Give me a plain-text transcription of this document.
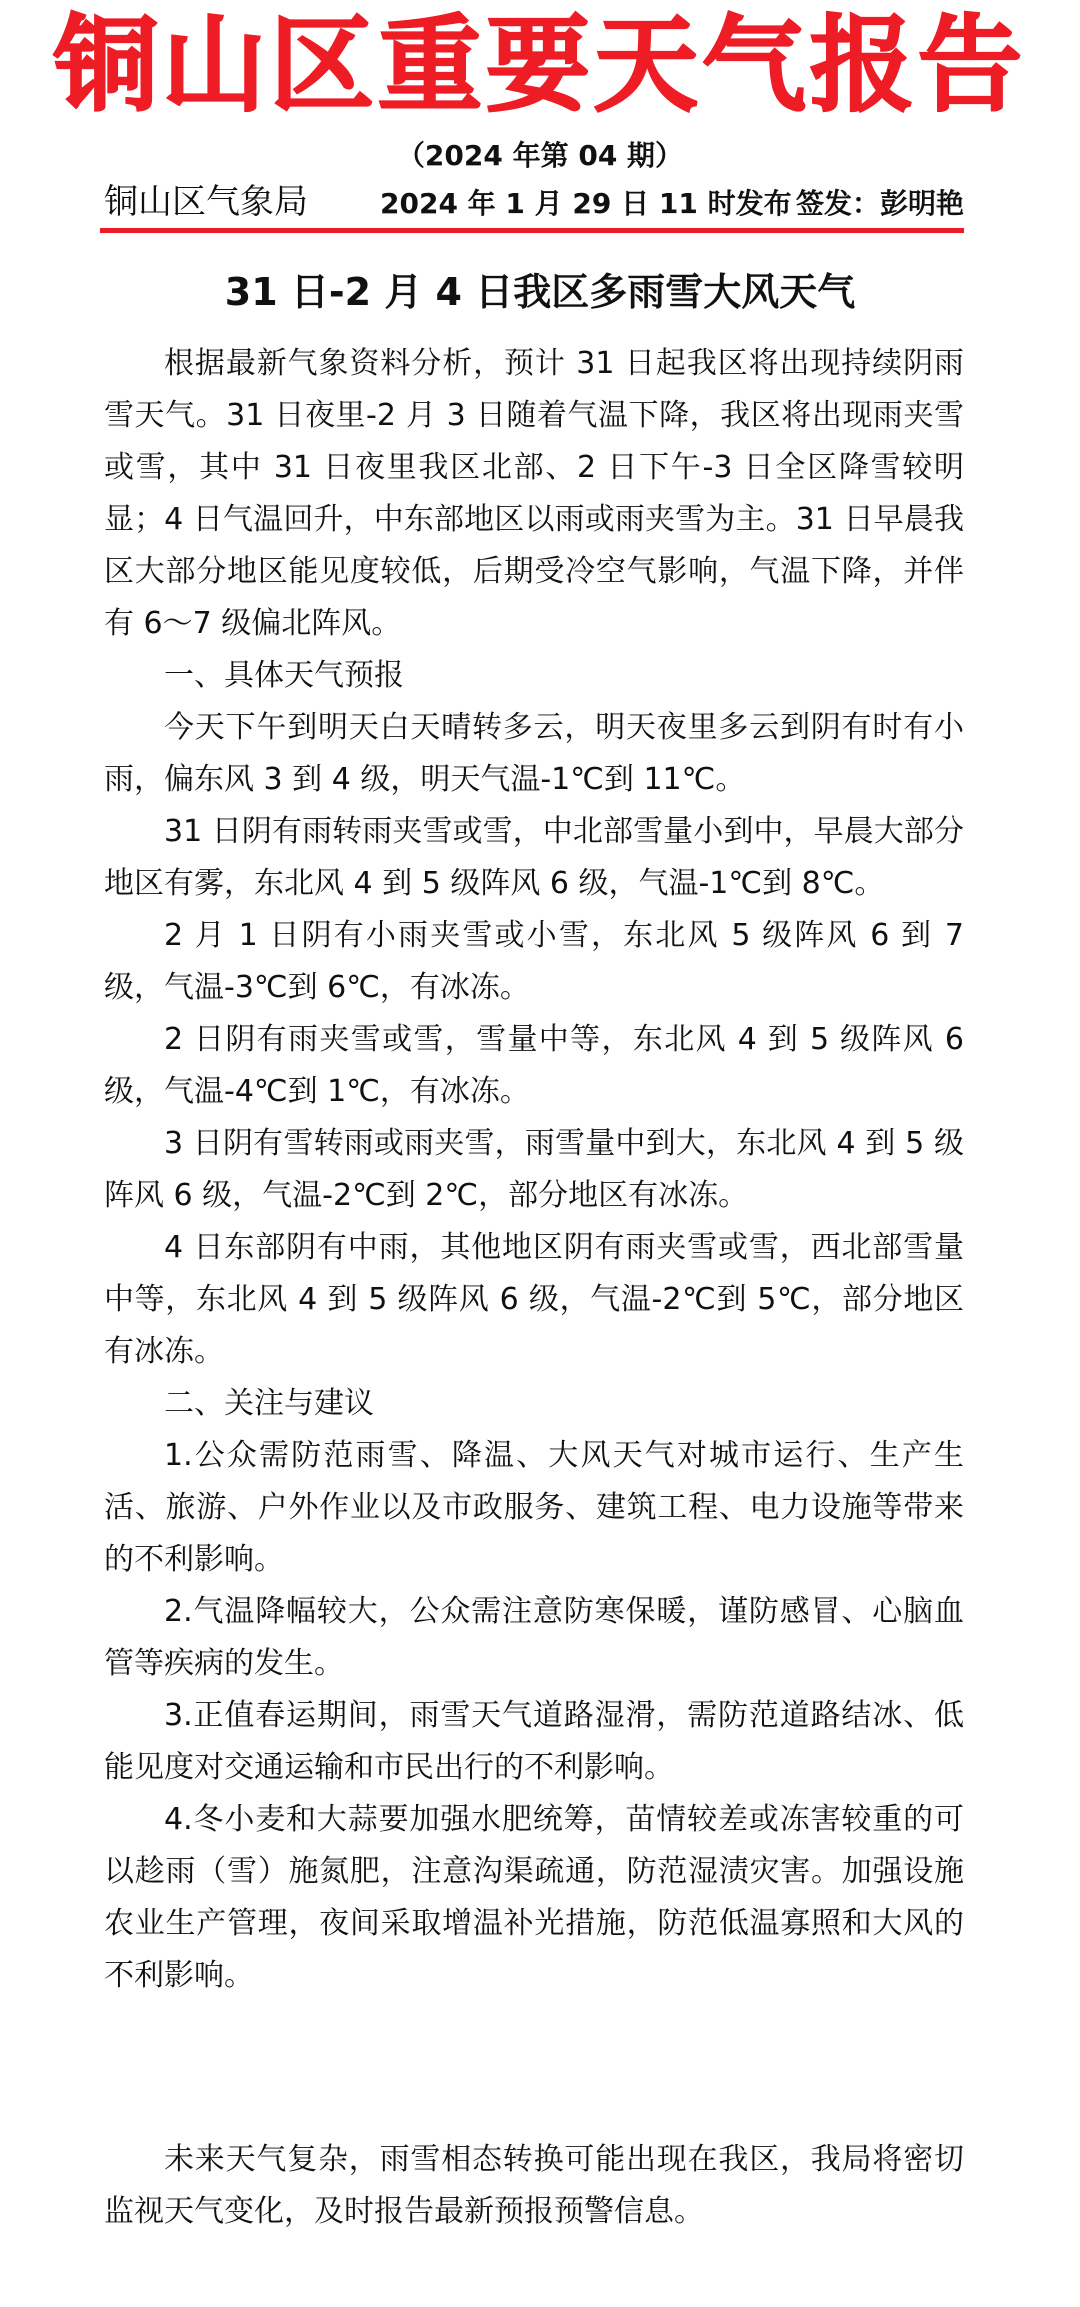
铜山区重要天气报告
（2024 年第 04 期）
铜山区气象局	2024 年 1 月 29 日 11 时发布 签发：彭明艳
31 日-2 月 4 日我区多雨雪大风天气

根据最新气象资料分析，预计 31 日起我区将出现持续阴雨雪天气。31 日夜里-2 月 3 日随着气温下降，我区将出现雨夹雪或雪，其中 31 日夜里我区北部、2 日下午-3 日全区降雪较明显；4 日气温回升，中东部地区以雨或雨夹雪为主。31 日早晨我区大部分地区能见度较低，后期受冷空气影响，气温下降，并伴有 6～7 级偏北阵风。

一、具体天气预报

今天下午到明天白天晴转多云，明天夜里多云到阴有时有小雨，偏东风 3 到 4 级，明天气温-1℃到 11℃。

31 日阴有雨转雨夹雪或雪，中北部雪量小到中，早晨大部分地区有雾，东北风 4 到 5 级阵风 6 级，气温-1℃到 8℃。

2 月 1 日阴有小雨夹雪或小雪，东北风 5 级阵风 6 到 7 级，气温-3℃到 6℃，有冰冻。

2 日阴有雨夹雪或雪，雪量中等，东北风 4 到 5 级阵风 6 级，气温-4℃到 1℃，有冰冻。

3 日阴有雪转雨或雨夹雪，雨雪量中到大，东北风 4 到 5 级阵风 6 级，气温-2℃到 2℃，部分地区有冰冻。

4 日东部阴有中雨，其他地区阴有雨夹雪或雪，西北部雪量中等，东北风 4 到 5 级阵风 6 级，气温-2℃到 5℃，部分地区有冰冻。

二、关注与建议

1.公众需防范雨雪、降温、大风天气对城市运行、生产生活、旅游、户外作业以及市政服务、建筑工程、电力设施等带来的不利影响。

2.气温降幅较大，公众需注意防寒保暖，谨防感冒、心脑血管等疾病的发生。

3.正值春运期间，雨雪天气道路湿滑，需防范道路结冰、低能见度对交通运输和市民出行的不利影响。

4.冬小麦和大蒜要加强水肥统筹，苗情较差或冻害较重的可以趁雨（雪）施氮肥，注意沟渠疏通，防范湿渍灾害。加强设施农业生产管理，夜间采取增温补光措施，防范低温寡照和大风的不利影响。

未来天气复杂，雨雪相态转换可能出现在我区，我局将密切监视天气变化，及时报告最新预报预警信息。
